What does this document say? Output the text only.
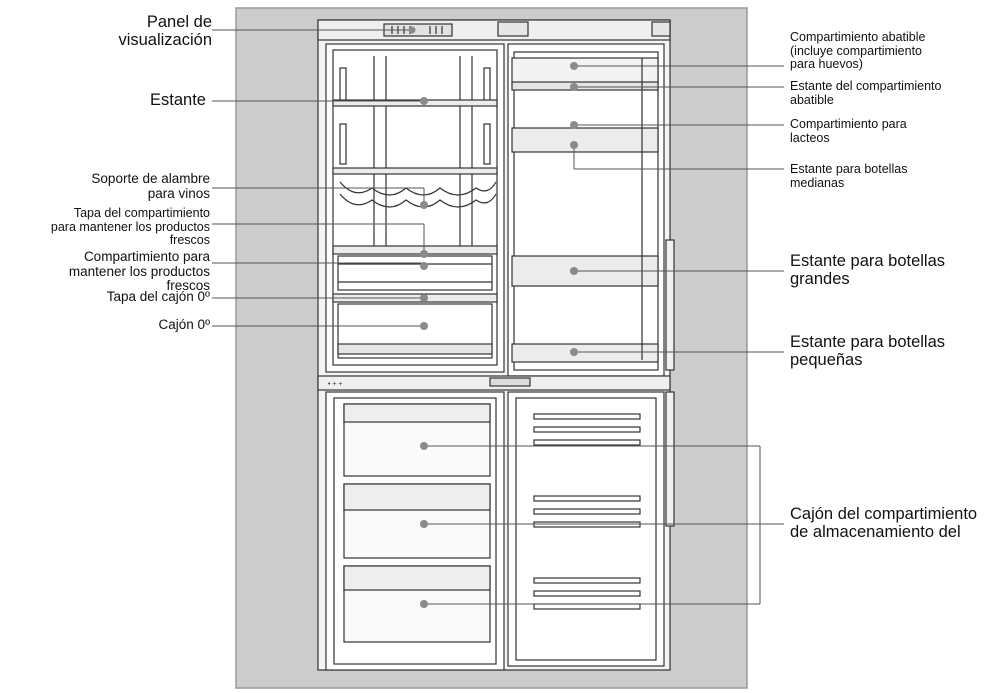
• + +
Panel de
visualización
Estante
Soporte de alambre
para vinos
Tapa del compartimiento
para mantener los productos
frescos
Compartimiento para
mantener los productos
frescos
Tapa del cajón 0º
Cajón 0º
Compartimiento abatible
(incluye compartimiento
para huevos)
Estante del compartimiento
abatible
Compartimiento para
lacteos
Estante para botellas
medianas
Estante para botellas
grandes
Estante para botellas
pequeñas
Cajón del compartimiento
de almacenamiento del
